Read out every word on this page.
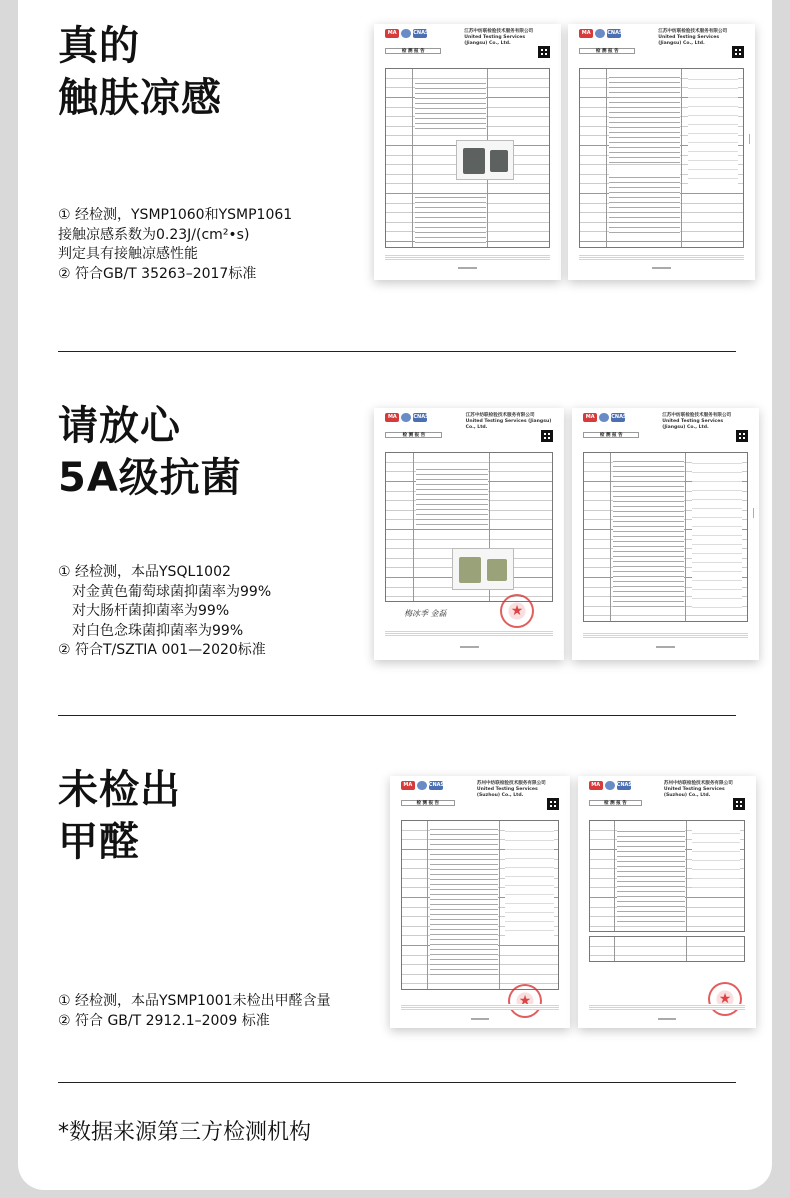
真的
触肤凉感
① 经检测，YSMP1060和YSMP1061
接触凉感系数为0.23J/(cm²•s)
判定具有接触凉感性能
② 符合GB/T 35263–2017标准
MA	CNAS	江苏中纺联检验技术服务有限公司
United Testing Services (Jiangsu) Co., Ltd.
检 测 报 告
MA	CNAS	江苏中纺联检验技术服务有限公司
United Testing Services (Jiangsu) Co., Ltd.
检 测 报 告
请放心
5A级抗菌
① 经检测，本品YSQL1002
对金黄色葡萄球菌抑菌率为99%
对大肠杆菌抑菌率为99%
对白色念珠菌抑菌率为99%
② 符合T/SZTIA 001—2020标准
MA	CNAS	江苏中纺联检验技术服务有限公司
United Testing Services (Jiangsu) Co., Ltd.
检 测 报 告
梅冰季 金磊
★
MA	CNAS	江苏中纺联检验技术服务有限公司
United Testing Services (Jiangsu) Co., Ltd.
检 测 报 告
未检出
甲醛
① 经检测，本品YSMP1001未检出甲醛含量
② 符合 GB/T 2912.1–2009 标准
MA	CNAS	苏州中纺联检验技术服务有限公司
United Testing Services (Suzhou) Co., Ltd.
检 测 报 告
★
MA	CNAS	苏州中纺联检验技术服务有限公司
United Testing Services (Suzhou) Co., Ltd.
检 测 报 告
★
*数据来源第三方检测机构
